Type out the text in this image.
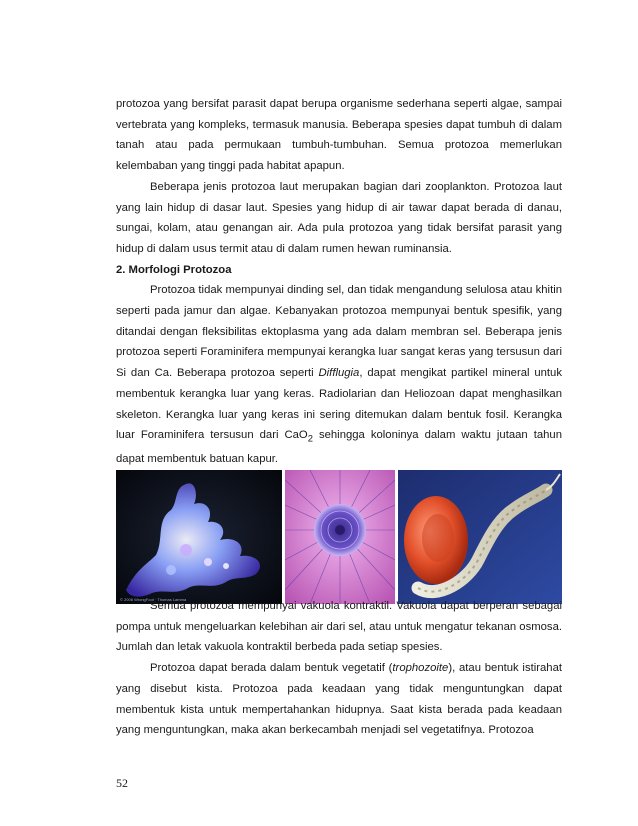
protozoa yang bersifat parasit dapat berupa organisme sederhana seperti algae, sampai vertebrata yang kompleks, termasuk manusia. Beberapa spesies dapat tumbuh di dalam tanah atau pada permukaan tumbuh-tumbuhan. Semua protozoa memerlukan kelembaban yang tinggi pada habitat apapun.

Beberapa jenis protozoa laut merupakan bagian dari zooplankton. Protozoa laut yang lain hidup di dasar laut. Spesies yang hidup di air tawar dapat berada di danau, sungai, kolam, atau genangan air. Ada pula protozoa yang tidak bersifat parasit yang hidup di dalam usus termit atau di dalam rumen hewan ruminansia.

2. Morfologi Protozoa

Protozoa tidak mempunyai dinding sel, dan tidak mengandung selulosa atau khitin seperti pada jamur dan algae. Kebanyakan protozoa mempunyai bentuk spesifik, yang ditandai dengan fleksibilitas ektoplasma yang ada dalam membran sel. Beberapa jenis protozoa seperti Foraminifera mempunyai kerangka luar sangat keras yang tersusun dari Si dan Ca. Beberapa protozoa seperti Difflugia, dapat mengikat partikel mineral untuk membentuk kerangka luar yang keras. Radiolarian dan Heliozoan dapat menghasilkan skeleton. Kerangka luar yang keras ini sering ditemukan dalam bentuk fosil. Kerangka luar Foraminifera tersusun dari CaO$_2$ sehingga koloninya dalam waktu jutaan tahun dapat membentuk batuan kapur.

© 2006 WrongFoot · Thomas Lamma

Semua protozoa mempunyai vakuola kontraktil. Vakuola dapat berperan sebagai pompa untuk mengeluarkan kelebihan air dari sel, atau untuk mengatur tekanan osmosa. Jumlah dan letak vakuola kontraktil berbeda pada setiap spesies.

Protozoa dapat berada dalam bentuk vegetatif (trophozoite), atau bentuk istirahat yang disebut kista. Protozoa pada keadaan yang tidak menguntungkan dapat membentuk kista untuk mempertahankan hidupnya. Saat kista berada pada keadaan yang menguntungkan, maka akan berkecambah menjadi sel vegetatifnya. Protozoa

52
